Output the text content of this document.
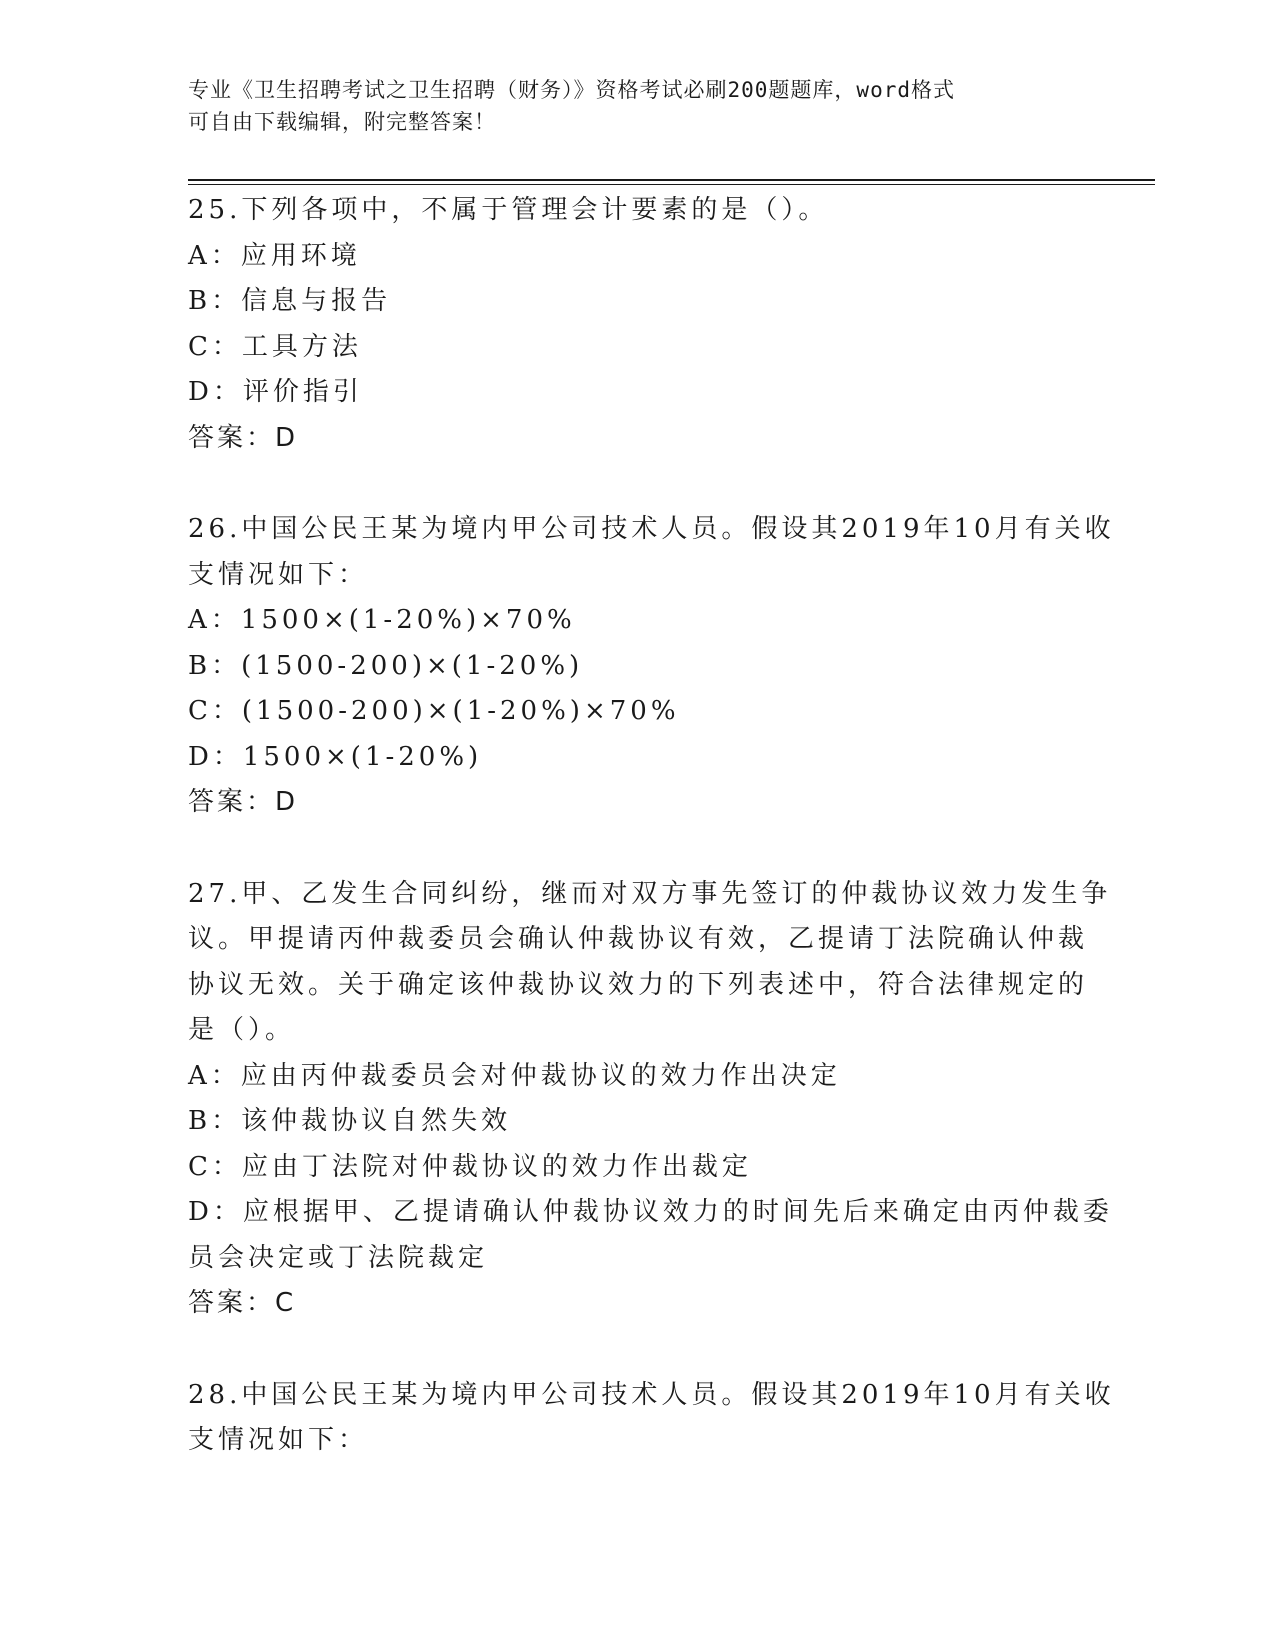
专业《卫生招聘考试之卫生招聘（财务）》资格考试必刷200题题库，word格式
可自由下载编辑，附完整答案！
25.下列各项中，不属于管理会计要素的是（）。
A：应用环境
B：信息与报告
C：工具方法
D：评价指引
答案：D
26.中国公民王某为境内甲公司技术人员。假设其2019年10月有关收
支情况如下：
A：1500×(1-20%)×70%
B：(1500-200)×(1-20%)
C：(1500-200)×(1-20%)×70%
D：1500×(1-20%)
答案：D
27.甲、乙发生合同纠纷，继而对双方事先签订的仲裁协议效力发生争
议。甲提请丙仲裁委员会确认仲裁协议有效，乙提请丁法院确认仲裁
协议无效。关于确定该仲裁协议效力的下列表述中，符合法律规定的
是（）。
A：应由丙仲裁委员会对仲裁协议的效力作出决定
B：该仲裁协议自然失效
C：应由丁法院对仲裁协议的效力作出裁定
D：应根据甲、乙提请确认仲裁协议效力的时间先后来确定由丙仲裁委
员会决定或丁法院裁定
答案：C
28.中国公民王某为境内甲公司技术人员。假设其2019年10月有关收
支情况如下：
